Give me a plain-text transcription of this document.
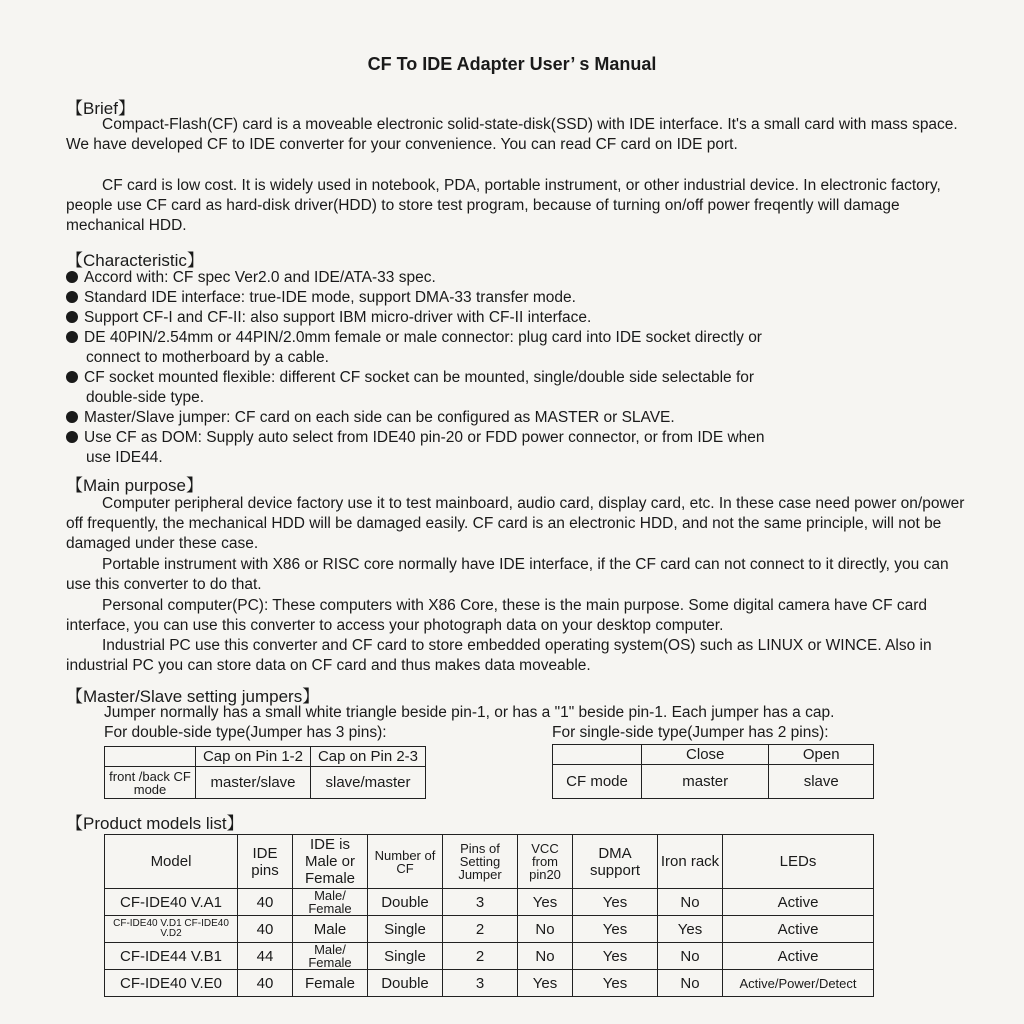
CF To IDE Adapter User’ s Manual
【Brief】
Compact-Flash(CF) card is a moveable electronic solid-state-disk(SSD) with IDE interface. It's a small card with mass space. We have developed CF to IDE converter for your convenience. You can read CF card on IDE port.
CF card is low cost. It is widely used in notebook, PDA, portable instrument, or other industrial device. In electronic factory, people use CF card as hard-disk driver(HDD) to store test program, because of turning on/off power freqently will damage mechanical HDD.
【Characteristic】
Accord with: CF spec Ver2.0 and IDE/ATA-33 spec.
Standard IDE interface: true-IDE mode, support DMA-33 transfer mode.
Support CF-I and CF-II: also support IBM micro-driver with CF-II interface.
DE 40PIN/2.54mm or 44PIN/2.0mm female or male connector: plug card into IDE socket directly or
connect to motherboard by a cable.
CF socket mounted flexible: different CF socket can be mounted, single/double side selectable for
double-side type.
Master/Slave jumper: CF card on each side can be configured as MASTER or SLAVE.
Use CF as DOM: Supply auto select from IDE40 pin-20 or FDD power connector, or from IDE when
use IDE44.
【Main purpose】
Computer peripheral device factory use it to test mainboard, audio card, display card, etc. In these case need power on/power off frequently, the mechanical HDD will be damaged easily. CF card is an electronic HDD, and not the same principle, will not be damaged under these case.
Portable instrument with X86 or RISC core normally have IDE interface, if the CF card can not connect to it directly, you can use this converter to do that.
Personal computer(PC): These computers with X86 Core, these is the main purpose. Some digital camera have CF card interface, you can use this converter to access your photograph data on your desktop computer.
Industrial PC use this converter and CF card to store embedded operating system(OS) such as LINUX or WINCE. Also in industrial PC you can store data on CF card and thus makes data moveable.
【Master/Slave setting jumpers】
Jumper normally has a small white triangle beside pin-1, or has a "1" beside pin-1. Each jumper has a cap.
For double-side type(Jumper has 3 pins):	For single-side type(Jumper has 2 pins):
	Cap on Pin 1-2	Cap on Pin 2-3
front /back CF mode	master/slave	slave/master
	Close	Open
CF mode	master	slave
【Product models list】
Model	IDE pins	IDE is Male or Female	Number of CF	Pins of Setting Jumper	VCC from pin20	DMA support	Iron rack	LEDs
CF-IDE40 V.A1	40	Male/ Female	Double	3	Yes	Yes	No	Active
CF-IDE40 V.D1 CF-IDE40 V.D2	40	Male	Single	2	No	Yes	Yes	Active
CF-IDE44 V.B1	44	Male/ Female	Single	2	No	Yes	No	Active
CF-IDE40 V.E0	40	Female	Double	3	Yes	Yes	No	Active/Power/Detect
